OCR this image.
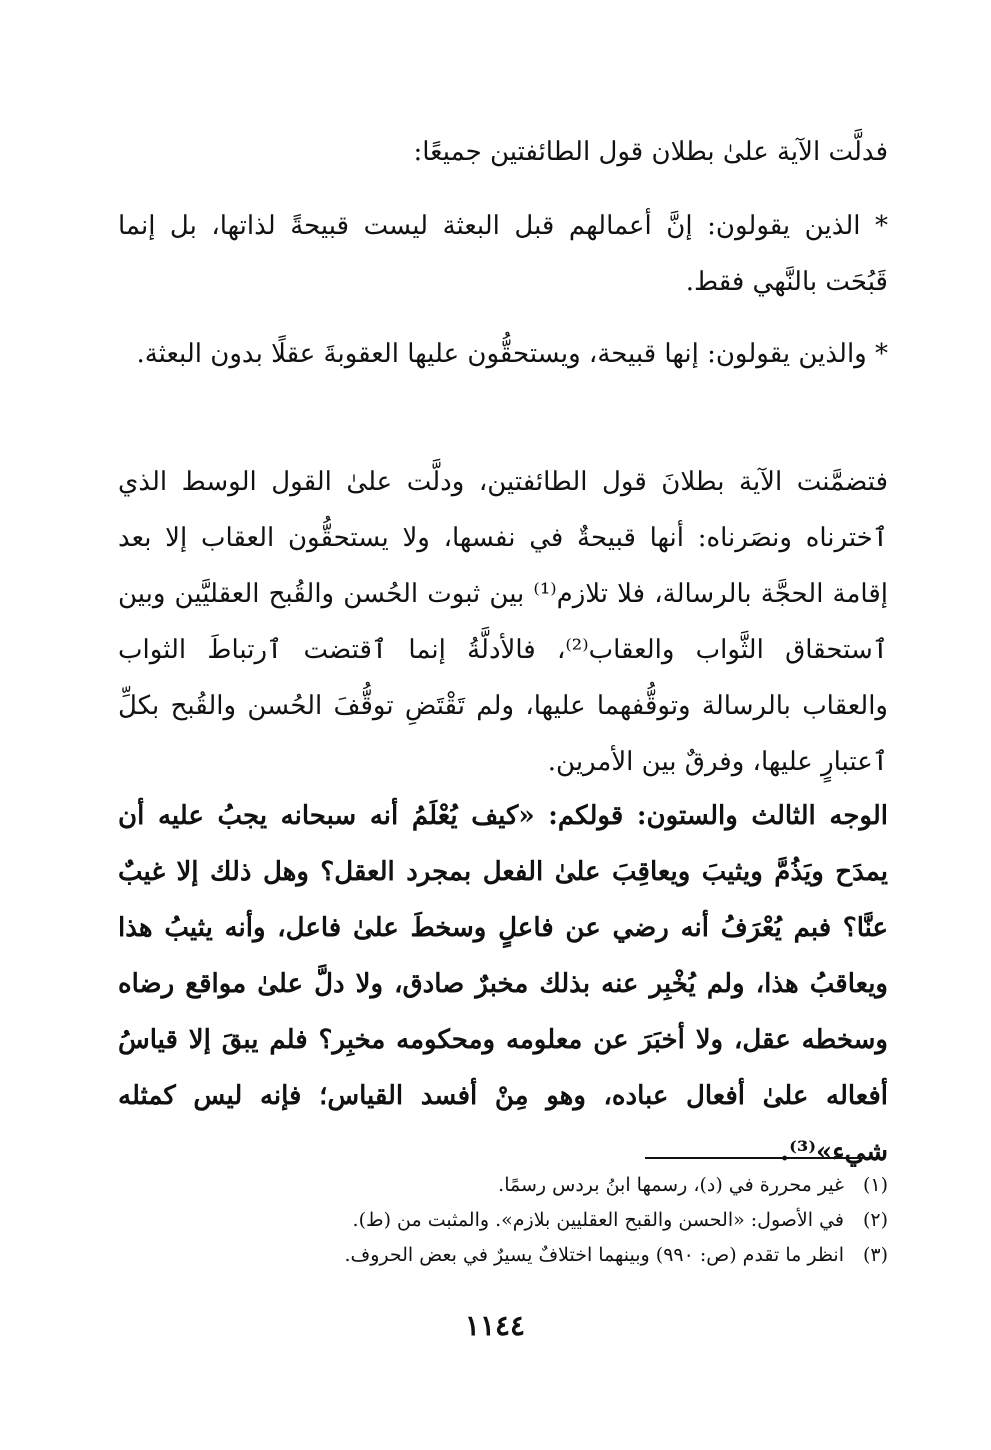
فدلَّت الآية علىٰ بطلان قول الطائفتين جميعًا:

* الذين يقولون: إنَّ أعمالهم قبل البعثة ليست قبيحةً لذاتها، بل إنما قَبُحَت بالنَّهي فقط.

* والذين يقولون: إنها قبيحة، ويستحقُّون عليها العقوبةَ عقلًا بدون البعثة.

فتضمَّنت الآية بطلانَ قول الطائفتين، ودلَّت علىٰ القول الوسط الذي ٱخترناه ونصَرناه: أنها قبيحةٌ في نفسها، ولا يستحقُّون العقاب إلا بعد إقامة الحجَّة بالرسالة، فلا تلازم⁽¹⁾ بين ثبوت الحُسن والقُبح العقليَّين وبين ٱستحقاق الثَّواب والعقاب⁽²⁾، فالأدلَّةُ إنما ٱقتضت ٱرتباطَ الثواب والعقاب بالرسالة وتوقُّفهما عليها، ولم تَقْتَضِ توقُّفَ الحُسن والقُبح بكلِّ ٱعتبارٍ عليها، وفرقٌ بين الأمرين.

الوجه الثالث والستون: قولكم: «كيف يُعْلَمُ أنه سبحانه يجبُ عليه أن يمدَح ويَذُمَّ ويثيبَ ويعاقِبَ علىٰ الفعل بمجرد العقل؟ وهل ذلك إلا غيبٌ عنَّا؟ فبم يُعْرَفُ أنه رضي عن فاعلٍ وسخطَ علىٰ فاعل، وأنه يثيبُ هذا ويعاقبُ هذا، ولم يُخْبِر عنه بذلك مخبرٌ صادق، ولا دلَّ علىٰ مواقع رضاه وسخطه عقل، ولا أخبَرَ عن معلومه ومحكومه مخبِر؟ فلم يبقَ إلا قياسُ أفعاله علىٰ أفعال عباده، وهو مِنْ أفسد القياس؛ فإنه ليس كمثله شيء»⁽³⁾.

(١)
غير محررة في (د)، رسمها ابنُ بردس رسمًا.
(٢)
في الأصول: «الحسن والقبح العقليين بلازم». والمثبت من (ط).
(٣)
انظر ما تقدم (ص: ٩٩٠) وبينهما اختلافٌ يسيرٌ في بعض الحروف.
١١٤٤
